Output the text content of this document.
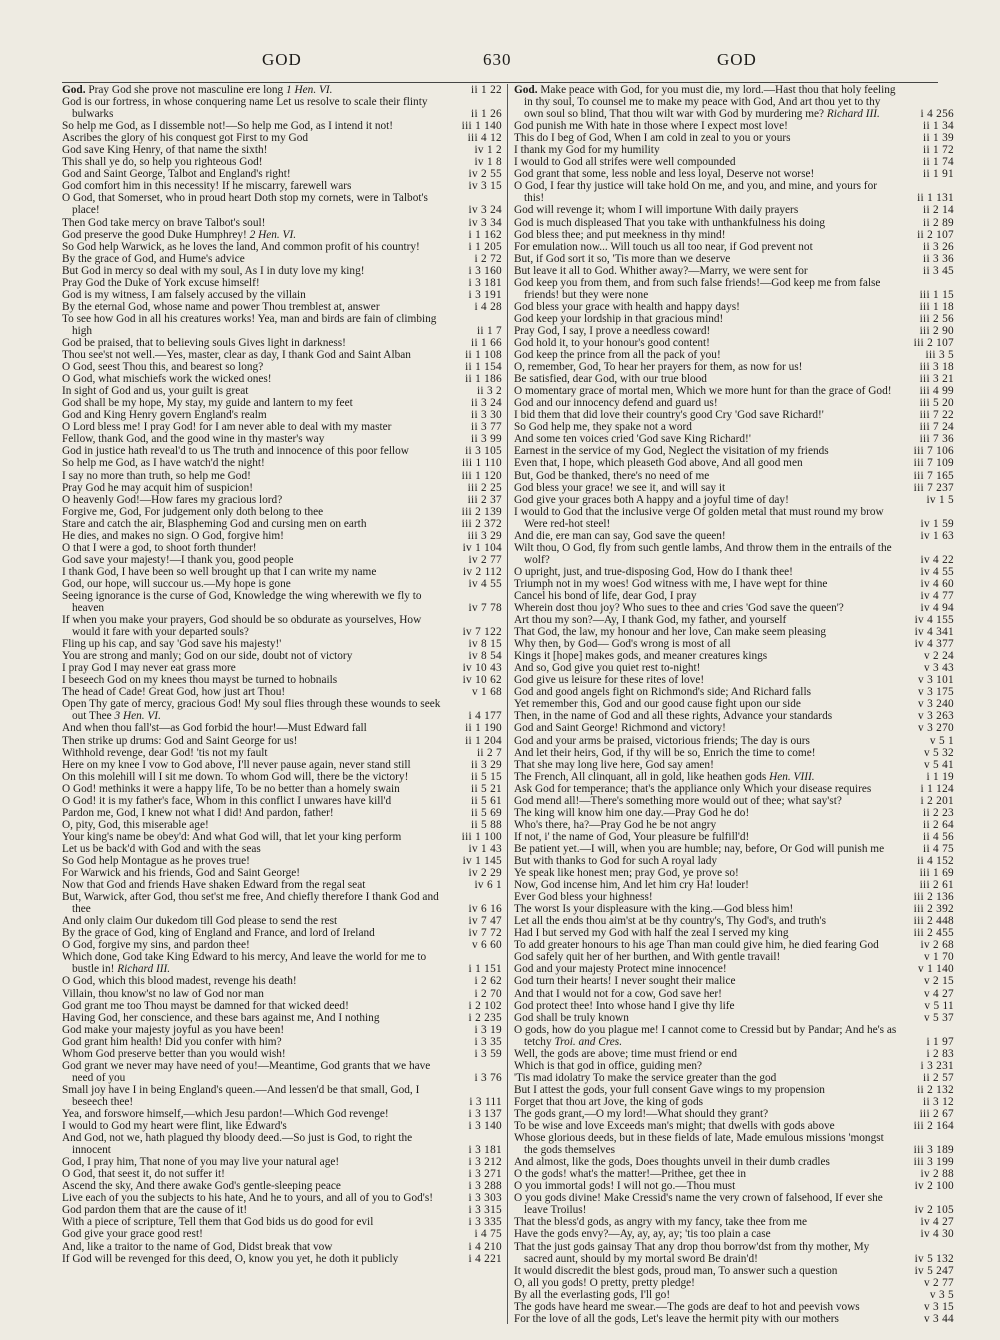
GOD	630	GOD
God. Pray God she prove not masculine ere long 1 Hen. VI.	ii 1 22
God is our fortress, in whose conquering name Let us resolve to scale their flinty bulwarks	ii 1 26
So help me God, as I dissemble not!—So help me God, as I intend it not!	iii 1 140
Ascribes the glory of his conquest got First to my God	iii 4 12
God save King Henry, of that name the sixth!	iv 1 2
This shall ye do, so help you righteous God!	iv 1 8
God and Saint George, Talbot and England's right!	iv 2 55
God comfort him in this necessity! If he miscarry, farewell wars	iv 3 15
O God, that Somerset, who in proud heart Doth stop my cornets, were in Talbot's place!	iv 3 24
Then God take mercy on brave Talbot's soul!	iv 3 34
God preserve the good Duke Humphrey! 2 Hen. VI.	i 1 162
So God help Warwick, as he loves the land, And common profit of his country!	i 1 205
By the grace of God, and Hume's advice	i 2 72
But God in mercy so deal with my soul, As I in duty love my king!	i 3 160
Pray God the Duke of York excuse himself!	i 3 181
God is my witness, I am falsely accused by the villain	i 3 191
By the eternal God, whose name and power Thou tremblest at, answer	i 4 28
To see how God in all his creatures works! Yea, man and birds are fain of climbing high	ii 1 7
God be praised, that to believing souls Gives light in darkness!	ii 1 66
Thou see'st not well.—Yes, master, clear as day, I thank God and Saint Alban	ii 1 108
O God, seest Thou this, and bearest so long?	ii 1 154
O God, what mischiefs work the wicked ones!	ii 1 186
In sight of God and us, your guilt is great	ii 3 2
God shall be my hope, My stay, my guide and lantern to my feet	ii 3 24
God and King Henry govern England's realm	ii 3 30
O Lord bless me! I pray God! for I am never able to deal with my master	ii 3 77
Fellow, thank God, and the good wine in thy master's way	ii 3 99
God in justice hath reveal'd to us The truth and innocence of this poor fellow	ii 3 105
So help me God, as I have watch'd the night!	iii 1 110
I say no more than truth, so help me God!	iii 1 120
Pray God he may acquit him of suspicion!	iii 2 25
O heavenly God!—How fares my gracious lord?	iii 2 37
Forgive me, God, For judgement only doth belong to thee	iii 2 139
Stare and catch the air, Blaspheming God and cursing men on earth	iii 2 372
He dies, and makes no sign. O God, forgive him!	iii 3 29
O that I were a god, to shoot forth thunder!	iv 1 104
God save your majesty!—I thank you, good people	iv 2 77
I thank God, I have been so well brought up that I can write my name	iv 2 112
God, our hope, will succour us.—My hope is gone	iv 4 55
Seeing ignorance is the curse of God, Knowledge the wing wherewith we fly to heaven	iv 7 78
If when you make your prayers, God should be so obdurate as yourselves, How would it fare with your departed souls?	iv 7 122
Fling up his cap, and say 'God save his majesty!'	iv 8 15
You are strong and manly; God on our side, doubt not of victory	iv 8 54
I pray God I may never eat grass more	iv 10 43
I beseech God on my knees thou mayst be turned to hobnails	iv 10 62
The head of Cade! Great God, how just art Thou!	v 1 68
Open Thy gate of mercy, gracious God! My soul flies through these wounds to seek out Thee 3 Hen. VI.	i 4 177
And when thou fall'st—as God forbid the hour!—Must Edward fall	ii 1 190
Then strike up drums: God and Saint George for us!	ii 1 204
Withhold revenge, dear God! 'tis not my fault	ii 2 7
Here on my knee I vow to God above, I'll never pause again, never stand still	ii 3 29
On this molehill will I sit me down. To whom God will, there be the victory!	ii 5 15
O God! methinks it were a happy life, To be no better than a homely swain	ii 5 21
O God! it is my father's face, Whom in this conflict I unwares have kill'd	ii 5 61
Pardon me, God, I knew not what I did! And pardon, father!	ii 5 69
O, pity, God, this miserable age!	ii 5 88
Your king's name be obey'd: And what God will, that let your king perform	iii 1 100
Let us be back'd with God and with the seas	iv 1 43
So God help Montague as he proves true!	iv 1 145
For Warwick and his friends, God and Saint George!	iv 2 29
Now that God and friends Have shaken Edward from the regal seat	iv 6 1
But, Warwick, after God, thou set'st me free, And chiefly therefore I thank God and thee	iv 6 16
And only claim Our dukedom till God please to send the rest	iv 7 47
By the grace of God, king of England and France, and lord of Ireland	iv 7 72
O God, forgive my sins, and pardon thee!	v 6 60
Which done, God take King Edward to his mercy, And leave the world for me to bustle in! Richard III.	i 1 151
O God, which this blood madest, revenge his death!	i 2 62
Villain, thou know'st no law of God nor man	i 2 70
God grant me too Thou mayst be damned for that wicked deed!	i 2 102
Having God, her conscience, and these bars against me, And I nothing	i 2 235
God make your majesty joyful as you have been!	i 3 19
God grant him health! Did you confer with him?	i 3 35
Whom God preserve better than you would wish!	i 3 59
God grant we never may have need of you!—Meantime, God grants that we have need of you	i 3 76
Small joy have I in being England's queen.—And lessen'd be that small, God, I beseech thee!	i 3 111
Yea, and forswore himself,—which Jesu pardon!—Which God revenge!	i 3 137
I would to God my heart were flint, like Edward's	i 3 140
And God, not we, hath plagued thy bloody deed.—So just is God, to right the innocent	i 3 181
God, I pray him, That none of you may live your natural age!	i 3 212
O God, that seest it, do not suffer it!	i 3 271
Ascend the sky, And there awake God's gentle-sleeping peace	i 3 288
Live each of you the subjects to his hate, And he to yours, and all of you to God's!	i 3 303
God pardon them that are the cause of it!	i 3 315
With a piece of scripture, Tell them that God bids us do good for evil	i 3 335
God give your grace good rest!	i 4 75
And, like a traitor to the name of God, Didst break that vow	i 4 210
If God will be revenged for this deed, O, know you yet, he doth it publicly	i 4 221
God. Make peace with God, for you must die, my lord.—Hast thou that holy feeling in thy soul, To counsel me to make my peace with God, And art thou yet to thy own soul so blind, That thou wilt war with God by murdering me? Richard III.	i 4 256
God punish me With hate in those where I expect most love!	ii 1 34
This do I beg of God, When I am cold in zeal to you or yours	ii 1 39
I thank my God for my humility	ii 1 72
I would to God all strifes were well compounded	ii 1 74
God grant that some, less noble and less loyal, Deserve not worse!	ii 1 91
O God, I fear thy justice will take hold On me, and you, and mine, and yours for this!	ii 1 131
God will revenge it; whom I will importune With daily prayers	ii 2 14
God is much displeased That you take with unthankfulness his doing	ii 2 89
God bless thee; and put meekness in thy mind!	ii 2 107
For emulation now... Will touch us all too near, if God prevent not	ii 3 26
But, if God sort it so, 'Tis more than we deserve	ii 3 36
But leave it all to God. Whither away?—Marry, we were sent for	ii 3 45
God keep you from them, and from such false friends!—God keep me from false friends! but they were none	iii 1 15
God bless your grace with health and happy days!	iii 1 18
God keep your lordship in that gracious mind!	iii 2 56
Pray God, I say, I prove a needless coward!	iii 2 90
God hold it, to your honour's good content!	iii 2 107
God keep the prince from all the pack of you!	iii 3 5
O, remember, God, To hear her prayers for them, as now for us!	iii 3 18
Be satisfied, dear God, with our true blood	iii 3 21
O momentary grace of mortal men, Which we more hunt for than the grace of God!	iii 4 99
God and our innocency defend and guard us!	iii 5 20
I bid them that did love their country's good Cry 'God save Richard!'	iii 7 22
So God help me, they spake not a word	iii 7 24
And some ten voices cried 'God save King Richard!'	iii 7 36
Earnest in the service of my God, Neglect the visitation of my friends	iii 7 106
Even that, I hope, which pleaseth God above, And all good men	iii 7 109
But, God be thanked, there's no need of me	iii 7 165
God bless your grace! we see it, and will say it	iii 7 237
God give your graces both A happy and a joyful time of day!	iv 1 5
I would to God that the inclusive verge Of golden metal that must round my brow Were red-hot steel!	iv 1 59
And die, ere man can say, God save the queen!	iv 1 63
Wilt thou, O God, fly from such gentle lambs, And throw them in the entrails of the wolf?	iv 4 22
O upright, just, and true-disposing God, How do I thank thee!	iv 4 55
Triumph not in my woes! God witness with me, I have wept for thine	iv 4 60
Cancel his bond of life, dear God, I pray	iv 4 77
Wherein dost thou joy? Who sues to thee and cries 'God save the queen'?	iv 4 94
Art thou my son?—Ay, I thank God, my father, and yourself	iv 4 155
That God, the law, my honour and her love, Can make seem pleasing	iv 4 341
Why then, by God— God's wrong is most of all	iv 4 377
Kings it [hope] makes gods, and meaner creatures kings	v 2 24
And so, God give you quiet rest to-night!	v 3 43
God give us leisure for these rites of love!	v 3 101
God and good angels fight on Richmond's side; And Richard falls	v 3 175
Yet remember this, God and our good cause fight upon our side	v 3 240
Then, in the name of God and all these rights, Advance your standards	v 3 263
God and Saint George! Richmond and victory!	v 3 270
God and your arms be praised, victorious friends; The day is ours	v 5 1
And let their heirs, God, if thy will be so, Enrich the time to come!	v 5 32
That she may long live here, God say amen!	v 5 41
The French, All clinquant, all in gold, like heathen gods Hen. VIII.	i 1 19
Ask God for temperance; that's the appliance only Which your disease requires	i 1 124
God mend all!—There's something more would out of thee; what say'st?	i 2 201
The king will know him one day.—Pray God he do!	ii 2 23
Who's there, ha?—Pray God he be not angry	ii 2 64
If not, i' the name of God, Your pleasure be fulfill'd!	ii 4 56
Be patient yet.—I will, when you are humble; nay, before, Or God will punish me	ii 4 75
But with thanks to God for such A royal lady	ii 4 152
Ye speak like honest men; pray God, ye prove so!	iii 1 69
Now, God incense him, And let him cry Ha! louder!	iii 2 61
Ever God bless your highness!	iii 2 136
The worst Is your displeasure with the king.—God bless him!	iii 2 392
Let all the ends thou aim'st at be thy country's, Thy God's, and truth's	iii 2 448
Had I but served my God with half the zeal I served my king	iii 2 455
To add greater honours to his age Than man could give him, he died fearing God	iv 2 68
God safely quit her of her burthen, and With gentle travail!	v 1 70
God and your majesty Protect mine innocence!	v 1 140
God turn their hearts! I never sought their malice	v 2 15
And that I would not for a cow, God save her!	v 4 27
God protect thee! Into whose hand I give thy life	v 5 11
God shall be truly known	v 5 37
O gods, how do you plague me! I cannot come to Cressid but by Pandar; And he's as tetchy Troi. and Cres.	i 1 97
Well, the gods are above; time must friend or end	i 2 83
Which is that god in office, guiding men?	i 3 231
'Tis mad idolatry To make the service greater than the god	ii 2 57
But I attest the gods, your full consent Gave wings to my propension	ii 2 132
Forget that thou art Jove, the king of gods	ii 3 12
The gods grant,—O my lord!—What should they grant?	iii 2 67
To be wise and love Exceeds man's might; that dwells with gods above	iii 2 164
Whose glorious deeds, but in these fields of late, Made emulous missions 'mongst the gods themselves	iii 3 189
And almost, like the gods, Does thoughts unveil in their dumb cradles	iii 3 199
O the gods! what's the matter!—Prithee, get thee in	iv 2 88
O you immortal gods! I will not go.—Thou must	iv 2 100
O you gods divine! Make Cressid's name the very crown of falsehood, If ever she leave Troilus!	iv 2 105
That the bless'd gods, as angry with my fancy, take thee from me	iv 4 27
Have the gods envy?—Ay, ay, ay, ay; 'tis too plain a case	iv 4 30
That the just gods gainsay That any drop thou borrow'dst from thy mother, My sacred aunt, should by my mortal sword Be drain'd!	iv 5 132
It would discredit the blest gods, proud man, To answer such a question	iv 5 247
O, all you gods! O pretty, pretty pledge!	v 2 77
By all the everlasting gods, I'll go!	v 3 5
The gods have heard me swear.—The gods are deaf to hot and peevish vows	v 3 15
For the love of all the gods, Let's leave the hermit pity with our mothers	v 3 44
